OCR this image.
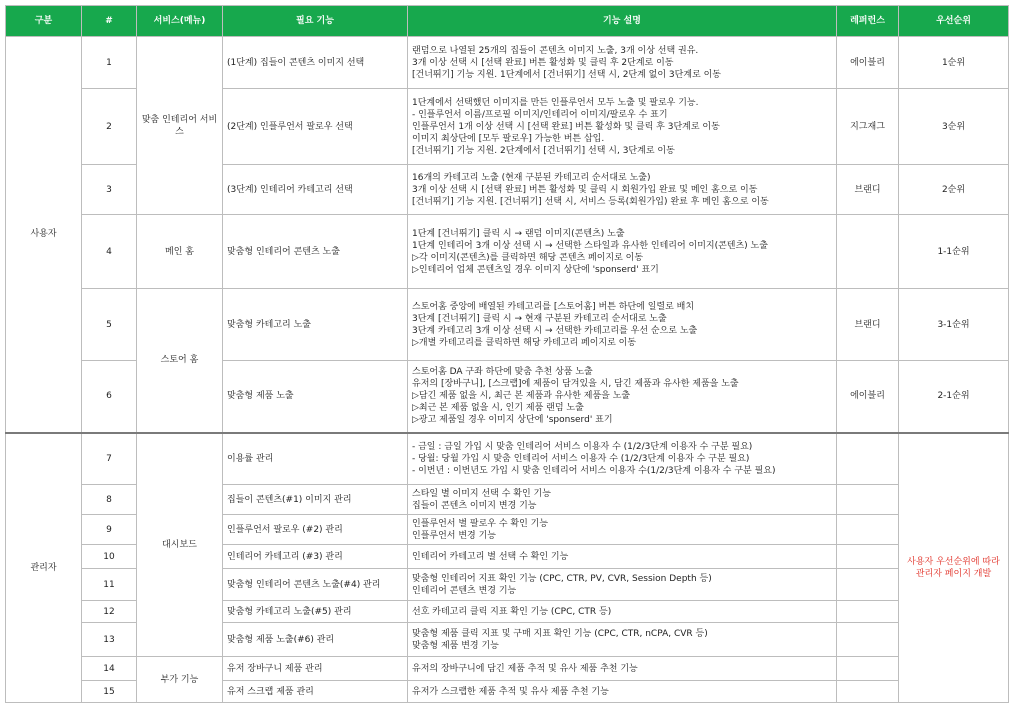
구분	#	서비스(메뉴)	필요 기능	기능 설명	레퍼런스	우선순위
사용자	1	맞춤 인테리어 서비스	(1단계) 집들이 콘텐츠 이미지 선택	랜덤으로 나열된 25개의 집들이 콘텐츠 이미지 노출, 3개 이상 선택 권유.
3개 이상 선택 시 [선택 완료] 버튼 활성화 및 클릭 후 2단계로 이동
[건너뛰기] 기능 지원. 1단계에서 [건너뛰기] 선택 시, 2단계 없이 3단계로 이동	에이블리	1순위
	2		(2단계) 인플루언서 팔로우 선택	1단계에서 선택했던 이미지를 만든 인플루언서 모두 노출 및 팔로우 기능.
- 인플루언서 이름/프로필 이미지/인테리어 이미지/팔로우 수 표기
인플루언서 1개 이상 선택 시 [선택 완료] 버튼 활성화 및 클릭 후 3단계로 이동
이미지 최상단에 [모두 팔로우] 가능한 버튼 삽입.
[건너뛰기] 기능 지원. 2단계에서 [건너뛰기] 선택 시, 3단계로 이동	지그재그	3순위
	3		(3단계) 인테리어 카테고리 선택	16개의 카테고리 노출 (현재 구분된 카테고리 순서대로 노출)
3개 이상 선택 시 [선택 완료] 버튼 활성화 및 클릭 시 회원가입 완료 및 메인 홈으로 이동
[건너뛰기] 기능 지원. [건너뛰기] 선택 시, 서비스 등록(회원가입) 완료 후 메인 홈으로 이동	브랜디	2순위
	4	메인 홈	맞춤형 인테리어 콘텐츠 노출	1단계 [건너뛰기] 클릭 시 → 랜덤 이미지(콘텐츠) 노출
1단계 인테리어 3개 이상 선택 시 → 선택한 스타일과 유사한 인테리어 이미지(콘텐츠) 노출
▷각 이미지(콘텐츠)를 클릭하면 해당 콘텐츠 페이지로 이동
▷인테리어 업체 콘텐츠일 경우 이미지 상단에 'sponserd' 표기		1-1순위
	5	스토어 홈	맞춤형 카테고리 노출	스토어홈 중앙에 배열된 카테고리를 [스토어홈] 버튼 하단에 일렬로 배치
3단계 [건너뛰기] 클릭 시 → 현재 구분된 카테고리 순서대로 노출
3단계 카테고리 3개 이상 선택 시 → 선택한 카테고리를 우선 순으로 노출
▷개별 카테고리를 클릭하면 해당 카테고리 페이지로 이동	브랜디	3-1순위
	6		맞춤형 제품 노출	스토어홈 DA 구좌 하단에 맞춤 추천 상품 노출
유저의 [장바구니], [스크랩]에 제품이 담겨있을 시, 담긴 제품과 유사한 제품을 노출
▷담긴 제품 없을 시, 최근 본 제품과 유사한 제품을 노출
▷최근 본 제품 없을 시, 인기 제품 랜덤 노출
▷광고 제품일 경우 이미지 상단에 'sponserd' 표기	에이블리	2-1순위
관리자	7	대시보드	이용률 관리	- 금일 : 금일 가입 시 맞춤 인테리어 서비스 이용자 수 (1/2/3단계 이용자 수 구분 필요)
- 당월: 당월 가입 시 맞춤 인테리어 서비스 이용자 수 (1/2/3단계 이용자 수 구분 필요)
- 이번년 : 이번년도 가입 시 맞춤 인테리어 서비스 이용자 수(1/2/3단계 이용자 수 구분 필요)		사용자 우선순위에 따라 관리자 페이지 개발
	8		집들이 콘텐츠(#1) 이미지 관리	스타일 별 이미지 선택 수 확인 기능
집들이 콘텐츠 이미지 변경 기능		
	9		인플루언서 팔로우 (#2) 관리	인플루언서 별 팔로우 수 확인 기능
인플루언서 변경 기능		
	10		인테리어 카테고리 (#3) 관리	인테리어 카테고리 별 선택 수 확인 기능		
	11		맞춤형 인테리어 콘텐츠 노출(#4) 관리	맞춤형 인테리어 지표 확인 기능 (CPC, CTR, PV, CVR, Session Depth 등)
인테리어 콘텐츠 변경 기능		
	12		맞춤형 카테고리 노출(#5) 관리	선호 카테고리 클릭 지표 확인 기능 (CPC, CTR 등)		
	13		맞춤형 제품 노출(#6) 관리	맞춤형 제품 클릭 지표 및 구매 지표 확인 기능 (CPC, CTR, nCPA, CVR 등)
맞춤형 제품 변경 기능		
	14	부가 기능	유저 장바구니 제품 관리	유저의 장바구니에 담긴 제품 추적 및 유사 제품 추천 기능		
	15		유저 스크랩 제품 관리	유저가 스크랩한 제품 추적 및 유사 제품 추천 기능		
